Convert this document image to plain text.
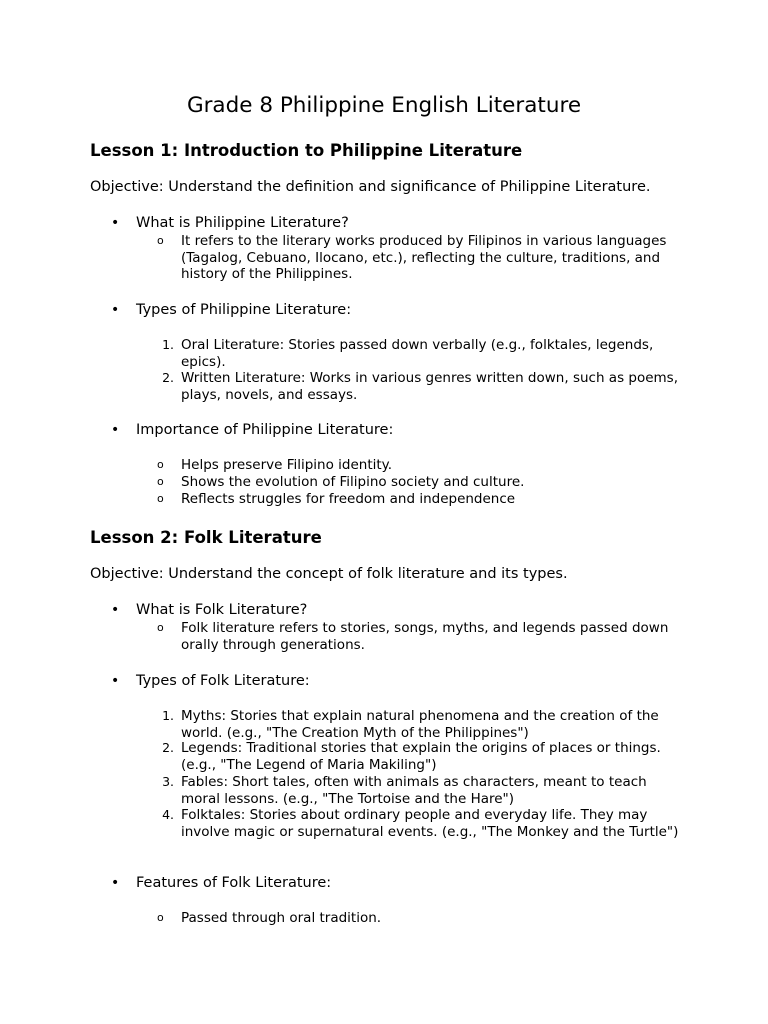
Grade 8 Philippine English Literature
Lesson 1: Introduction to Philippine Literature
Objective: Understand the definition and significance of Philippine Literature.
• What is Philippine Literature?
o It refers to the literary works produced by Filipinos in various languages (Tagalog, Cebuano, Ilocano, etc.), reflecting the culture, traditions, and history of the Philippines.
• Types of Philippine Literature:
1. Oral Literature: Stories passed down verbally (e.g., folktales, legends, epics).
2. Written Literature: Works in various genres written down, such as poems, plays, novels, and essays.
• Importance of Philippine Literature:
o Helps preserve Filipino identity.
o Shows the evolution of Filipino society and culture.
o Reflects struggles for freedom and independence
Lesson 2: Folk Literature
Objective: Understand the concept of folk literature and its types.
• What is Folk Literature?
o Folk literature refers to stories, songs, myths, and legends passed down orally through generations.
• Types of Folk Literature:
1. Myths: Stories that explain natural phenomena and the creation of the world. (e.g., "The Creation Myth of the Philippines")
2. Legends: Traditional stories that explain the origins of places or things. (e.g., "The Legend of Maria Makiling")
3. Fables: Short tales, often with animals as characters, meant to teach moral lessons. (e.g., "The Tortoise and the Hare")
4. Folktales: Stories about ordinary people and everyday life. They may involve magic or supernatural events. (e.g., "The Monkey and the Turtle")
• Features of Folk Literature:
o Passed through oral tradition.
